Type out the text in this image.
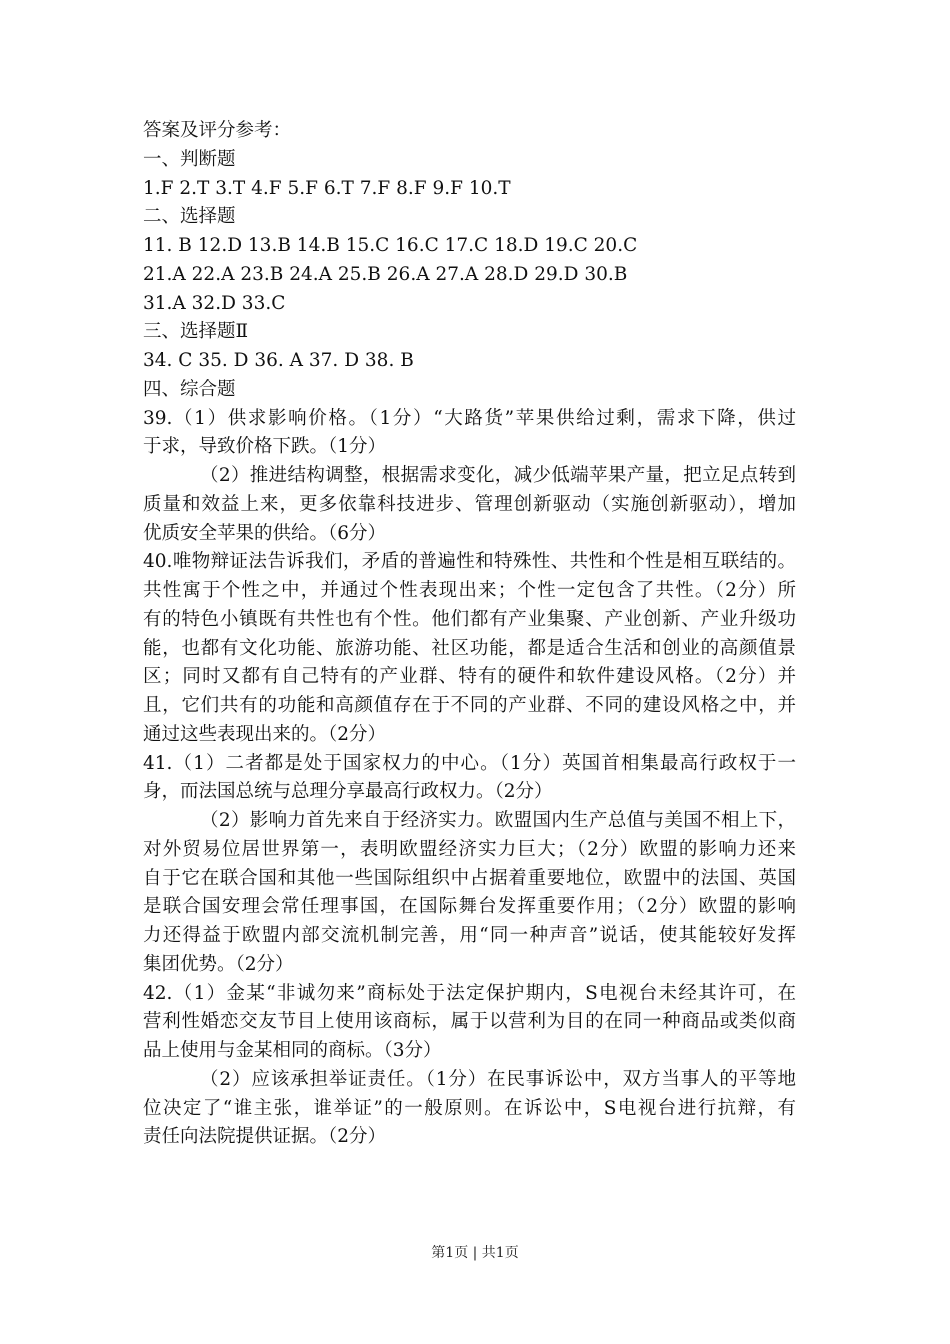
答案及评分参考：
一、判断题
1.F 2.T 3.T 4.F 5.F 6.T 7.F 8.F 9.F 10.T
二、选择题
11. B 12.D 13.B 14.B 15.C 16.C 17.C 18.D 19.C 20.C
21.A 22.A 23.B 24.A 25.B 26.A 27.A 28.D 29.D 30.B
31.A 32.D 33.C
三、选择题Ⅱ
34. C 35. D 36. A 37. D 38. B
四、综合题
39.（1）供求影响价格。（1分）“大路货”苹果供给过剩，需求下降，供过
于求，导致价格下跌。（1分）
（2）推进结构调整，根据需求变化，减少低端苹果产量，把立足点转到
质量和效益上来，更多依靠科技进步、管理创新驱动（实施创新驱动），增加
优质安全苹果的供给。（6分）
40.唯物辩证法告诉我们，矛盾的普遍性和特殊性、共性和个性是相互联结的。
共性寓于个性之中，并通过个性表现出来；个性一定包含了共性。（2分）所
有的特色小镇既有共性也有个性。他们都有产业集聚、产业创新、产业升级功
能，也都有文化功能、旅游功能、社区功能，都是适合生活和创业的高颜值景
区；同时又都有自己特有的产业群、特有的硬件和软件建设风格。（2分）并
且，它们共有的功能和高颜值存在于不同的产业群、不同的建设风格之中，并
通过这些表现出来的。（2分）
41.（1）二者都是处于国家权力的中心。（1分）英国首相集最高行政权于一
身，而法国总统与总理分享最高行政权力。（2分）
（2）影响力首先来自于经济实力。欧盟国内生产总值与美国不相上下，
对外贸易位居世界第一，表明欧盟经济实力巨大；（2分）欧盟的影响力还来
自于它在联合国和其他一些国际组织中占据着重要地位，欧盟中的法国、英国
是联合国安理会常任理事国，在国际舞台发挥重要作用；（2分）欧盟的影响
力还得益于欧盟内部交流机制完善，用“同一种声音”说话，使其能较好发挥
集团优势。（2分）
42.（1）金某“非诚勿来”商标处于法定保护期内，S电视台未经其许可，在
营利性婚恋交友节目上使用该商标，属于以营利为目的在同一种商品或类似商
品上使用与金某相同的商标。（3分）
（2）应该承担举证责任。（1分）在民事诉讼中，双方当事人的平等地
位决定了“谁主张，谁举证”的一般原则。在诉讼中，S电视台进行抗辩，有
责任向法院提供证据。（2分）
第1页 | 共1页
